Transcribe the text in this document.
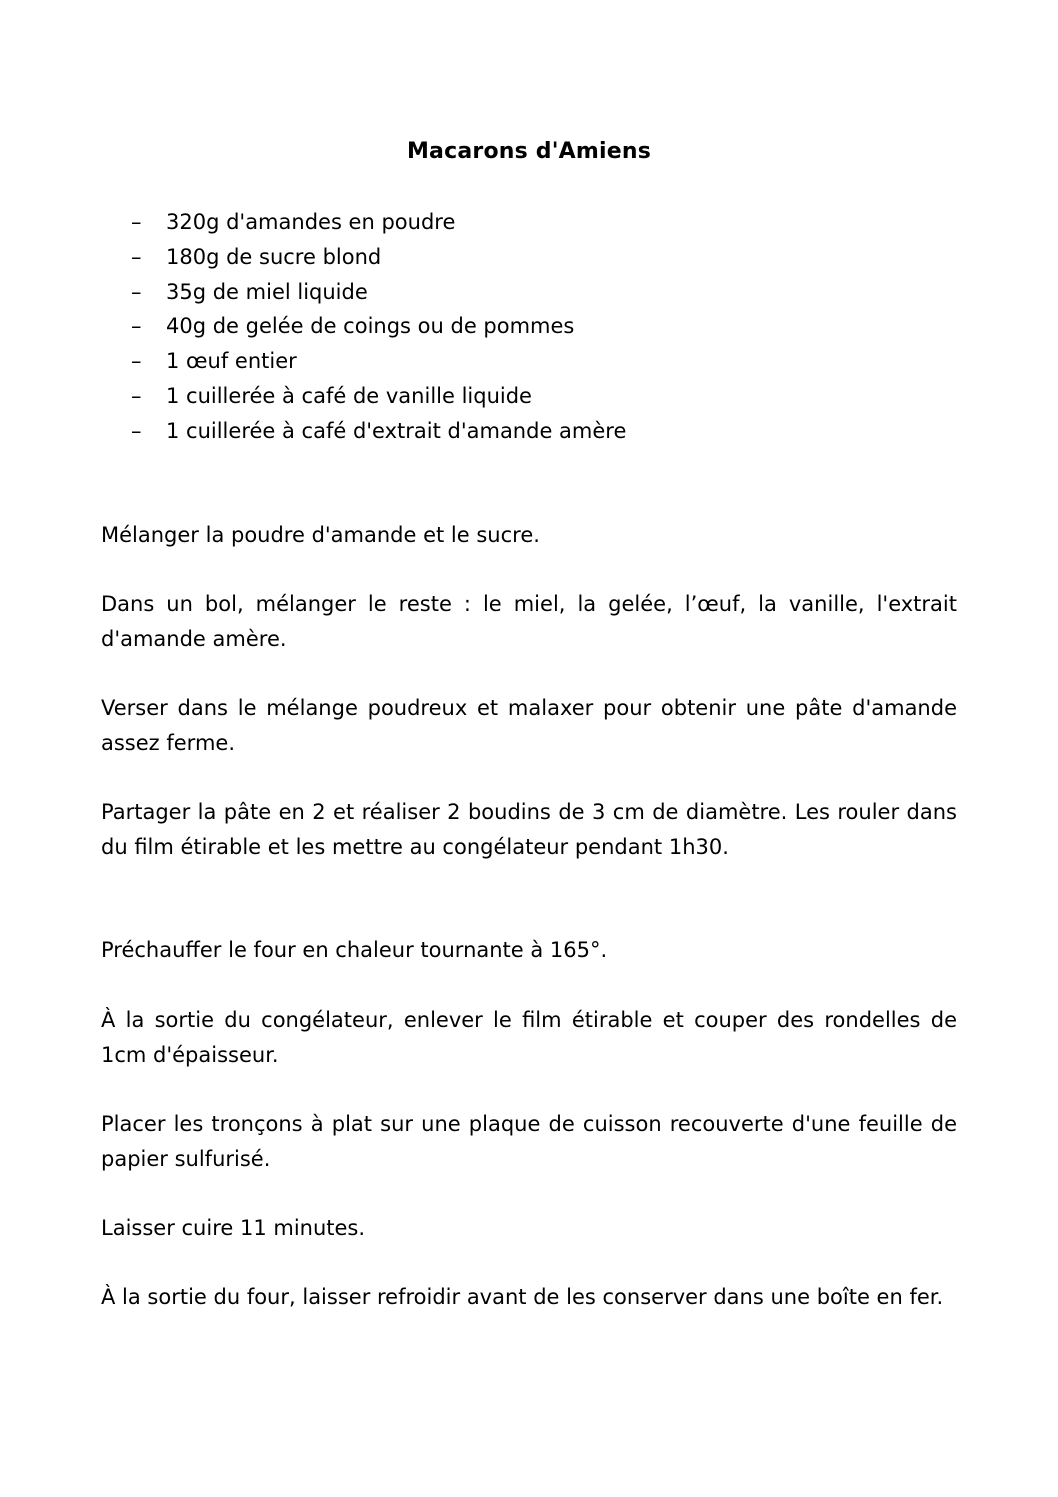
Macarons d'Amiens
– 320g d'amandes en poudre
– 180g de sucre blond
– 35g de miel liquide
– 40g de gelée de coings ou de pommes
– 1 œuf entier
– 1 cuillerée à café de vanille liquide
– 1 cuillerée à café d'extrait d'amande amère

Mélanger la poudre d'amande et le sucre.

Dans un bol, mélanger le reste : le miel, la gelée, l’œuf, la vanille, l'extrait d'amande amère.

Verser dans le mélange poudreux et malaxer pour obtenir une pâte d'amande assez ferme.

Partager la pâte en 2 et réaliser 2 boudins de 3 cm de diamètre. Les rouler dans du film étirable et les mettre au congélateur pendant 1h30.

Préchauffer le four en chaleur tournante à 165°.

À la sortie du congélateur, enlever le film étirable et couper des rondelles de 1cm d'épaisseur.

Placer les tronçons à plat sur une plaque de cuisson recouverte d'une feuille de papier sulfurisé.

Laisser cuire 11 minutes.

À la sortie du four, laisser refroidir avant de les conserver dans une boîte en fer.
